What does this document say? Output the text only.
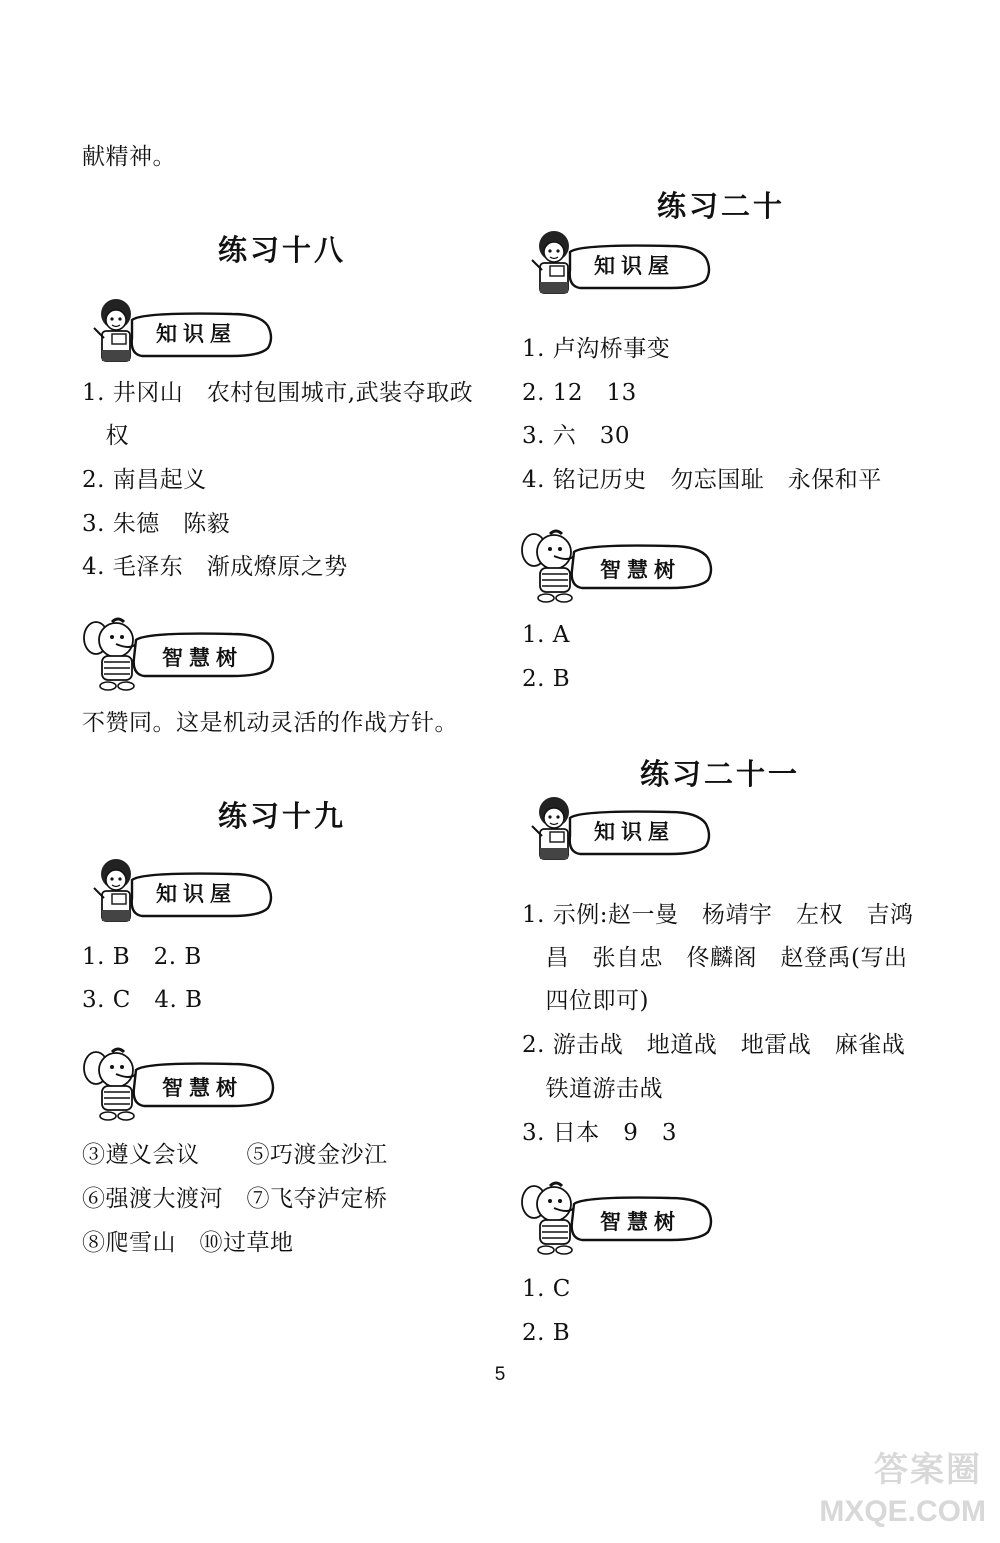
献精神。
练习十八
知识屋
1. 井冈山　农村包围城市,武装夺取政
　权
2. 南昌起义
3. 朱德　陈毅
4. 毛泽东　渐成燎原之势
智慧树
不赞同。这是机动灵活的作战方针。
练习十九
知识屋
1. B　2. B
3. C　4. B
智慧树
③遵义会议　　⑤巧渡金沙江
⑥强渡大渡河　⑦飞夺泸定桥
⑧爬雪山　⑩过草地
练习二十
知识屋
1. 卢沟桥事变
2. 12　13
3. 六　30
4. 铭记历史　勿忘国耻　永保和平
智慧树
1. A
2. B
练习二十一
知识屋
1. 示例:赵一曼　杨靖宇　左权　吉鸿
　昌　张自忠　佟麟阁　赵登禹(写出
　四位即可)
2. 游击战　地道战　地雷战　麻雀战
　铁道游击战
3. 日本　9　3
智慧树
1. C
2. B
5
答案圈
MXQE.COM
